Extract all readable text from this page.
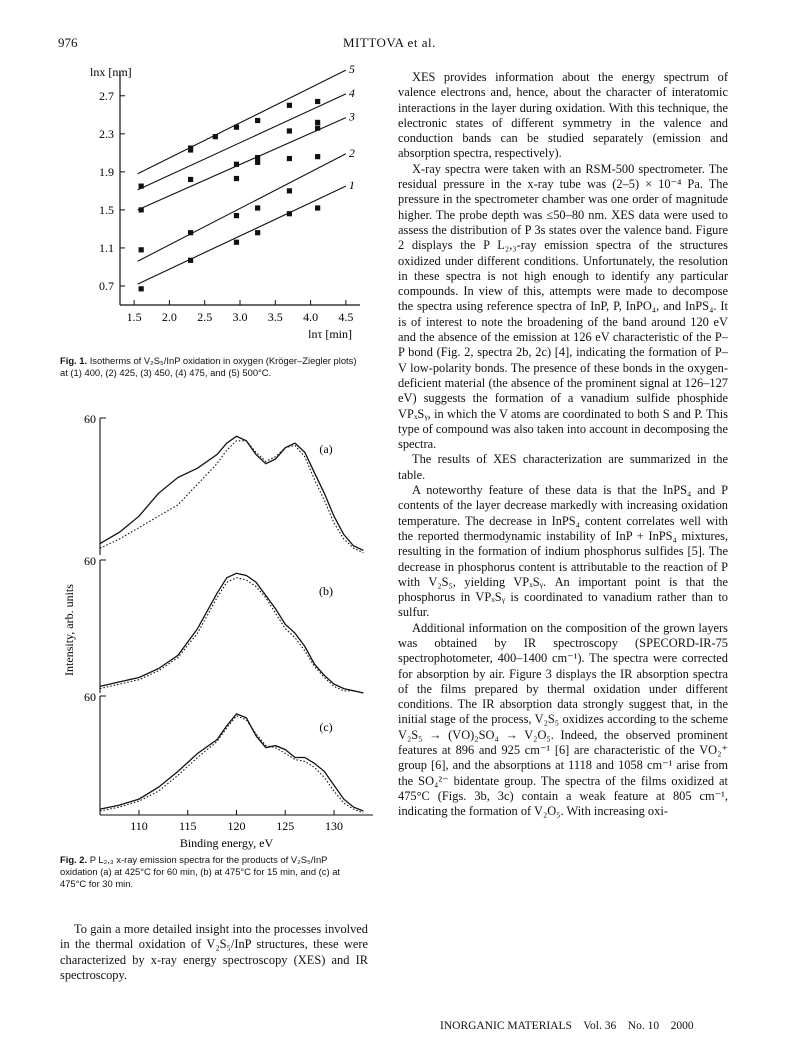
976	MITTOVA et al.
0.7
1.1
1.5
1.9
2.3
2.7
1.5 2.0 2.5 3.0 3.5 4.0 4.5
lnx [nm]
lnτ [min]
1
2
3
4
5
Fig. 1. Isotherms of V₂S₅/InP oxidation in oxygen (Kröger–Ziegler plots) at (1) 400, (2) 425, (3) 450, (4) 475, and (5) 500°C.
60
(a)
60
(b)
60
(c)
110	115	120	125	130
Binding energy, eV
Intensity, arb. units
Fig. 2. P L₂,₃ x-ray emission spectra for the products of V₂S₅/InP oxidation (a) at 425°C for 60 min, (b) at 475°C for 15 min, and (c) at 475°C for 30 min.

To gain a more detailed insight into the processes involved in the thermal oxidation of V₂S₅/InP structures, these were characterized by x-ray energy spectroscopy (XES) and IR spectroscopy.

XES provides information about the energy spectrum of valence electrons and, hence, about the character of interatomic interactions in the layer during oxidation. With this technique, the electronic states of different symmetry in the valence and conduction bands can be studied separately (emission and absorption spectra, respectively).

X-ray spectra were taken with an RSM-500 spectrometer. The residual pressure in the x-ray tube was (2–5) × 10⁻⁴ Pa. The pressure in the spectrometer chamber was one order of magnitude higher. The probe depth was ≤50–80 nm. XES data were used to assess the distribution of P 3s states over the valence band. Figure 2 displays the P L₂,₃-ray emission spectra of the structures oxidized under different conditions. Unfortunately, the resolution in these spectra is not high enough to identify any particular compounds. In view of this, attempts were made to decompose the spectra using reference spectra of InP, P, InPO₄, and InPS₄. It is of interest to note the broadening of the band around 120 eV and the absence of the emission at 126 eV characteristic of the P–P bond (Fig. 2, spectra 2b, 2c) [4], indicating the formation of P–V low-polarity bonds. The presence of these bonds in the oxygen-deficient material (the absence of the prominent signal at 126–127 eV) suggests the formation of a vanadium sulfide phosphide VPₓSᵧ, in which the V atoms are coordinated to both S and P. This type of compound was also taken into account in decomposing the spectra.

The results of XES characterization are summarized in the table.

A noteworthy feature of these data is that the InPS₄ and P contents of the layer decrease markedly with increasing oxidation temperature. The decrease in InPS₄ content correlates well with the reported thermodynamic instability of InP + InPS₄ mixtures, resulting in the formation of indium phosphorus sulfides [5]. The decrease in phosphorus content is attributable to the reaction of P with V₂S₅, yielding VPₓSᵧ. An important point is that the phosphorus in VPₓSᵧ is coordinated to vanadium rather than to sulfur.

Additional information on the composition of the grown layers was obtained by IR spectroscopy (SPECORD-IR-75 spectrophotometer, 400–1400 cm⁻¹). The spectra were corrected for absorption by air. Figure 3 displays the IR absorption spectra of the films prepared by thermal oxidation under different conditions. The IR absorption data strongly suggest that, in the initial stage of the process, V₂S₅ oxidizes according to the scheme V₂S₅ → (VO)₂SO₄ → V₂O₅. Indeed, the observed prominent features at 896 and 925 cm⁻¹ [6] are characteristic of the VO₂⁺ group [6], and the absorptions at 1118 and 1058 cm⁻¹ arise from the SO₄²⁻ bidentate group. The spectra of the films oxidized at 475°C (Figs. 3b, 3c) contain a weak feature at 805 cm⁻¹, indicating the formation of V₂O₅. With increasing oxi-

INORGANIC MATERIALS Vol. 36 No. 10 2000
